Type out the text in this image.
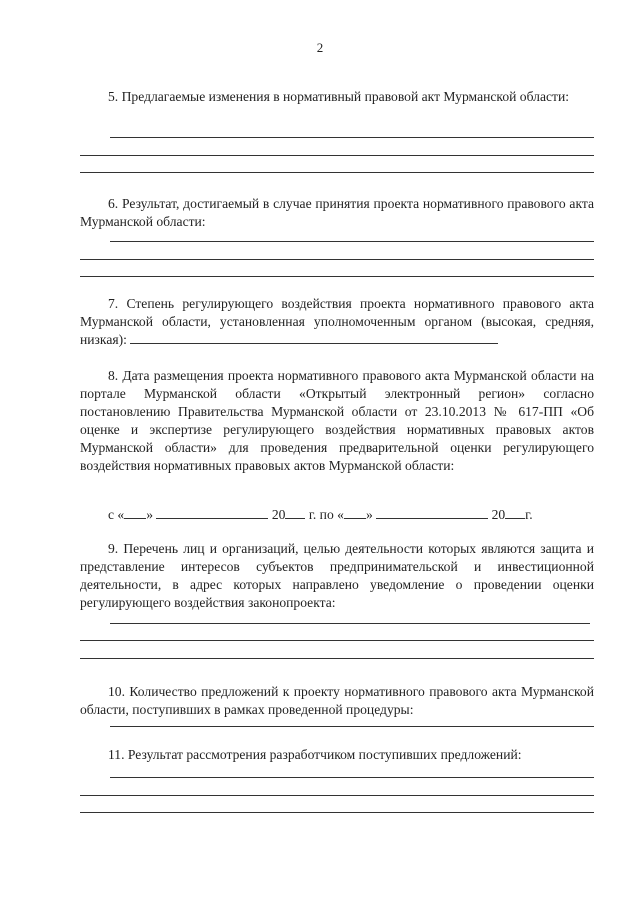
2

5. Предлагаемые изменения в нормативный правовой акт Мурманской области:

6. Результат, достигаемый в случае принятия проекта нормативного правового акта Мурманской области:

7. Степень регулирующего воздействия проекта нормативного правового акта Мурманской области, установленная уполномоченным органом (высокая, средняя, низкая):

8. Дата размещения проекта нормативного правового акта Мурманской области на портале Мурманской области «Открытый электронный регион» согласно постановлению Правительства Мурманской области от 23.10.2013 № 617-ПП «Об оценке и экспертизе регулирующего воздействия нормативных правовых актов Мурманской области» для проведения предварительной оценки регулирующего воздействия нормативных правовых актов Мурманской области:

с « »	20 г. по « »	20 г.

9. Перечень лиц и организаций, целью деятельности которых являются защита и представление интересов субъектов предпринимательской и инвестиционной деятельности, в адрес которых направлено уведомление о проведении оценки регулирующего воздействия законопроекта:

10. Количество предложений к проекту нормативного правового акта Мурманской области, поступивших в рамках проведенной процедуры:

11. Результат рассмотрения разработчиком поступивших предложений:
